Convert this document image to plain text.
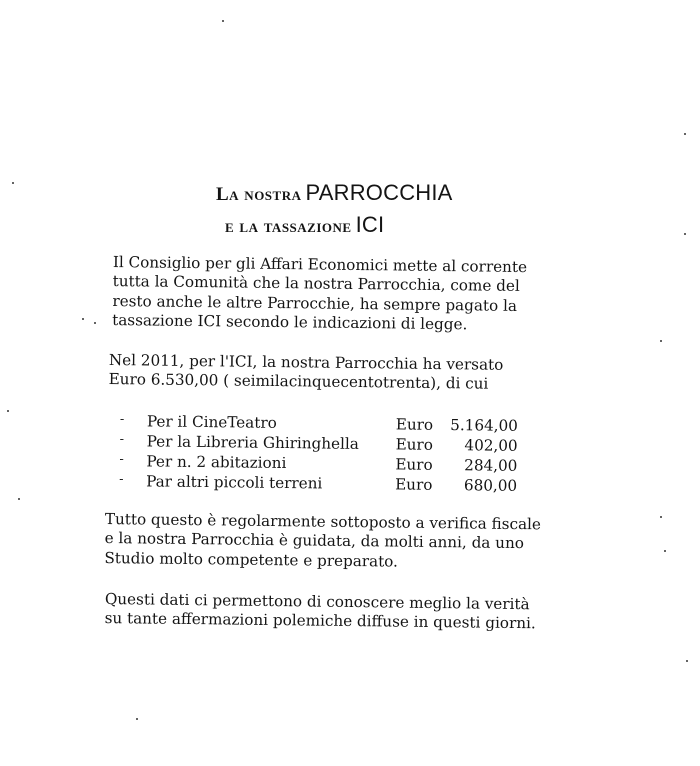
La nostra PARROCCHIA
e la tassazione ICI
Il Consiglio per gli Affari Economici mette al corrente
tutta la Comunità che la nostra Parrocchia, come del
resto anche le altre Parrocchie, ha sempre pagato la
tassazione ICI secondo le indicazioni di legge.
Nel 2011, per l'ICI, la nostra Parrocchia ha versato
Euro 6.530,00 ( seimilacinquecentotrenta), di cui
- Per il CineTeatro	Euro 5.164,00
- Per la Libreria Ghiringhella Euro 402,00
- Per n. 2 abitazioni	Euro 284,00
- Par altri piccoli terreni	Euro 680,00
Tutto questo è regolarmente sottoposto a verifica fiscale
e la nostra Parrocchia è guidata, da molti anni, da uno
Studio molto competente e preparato.
Questi dati ci permettono di conoscere meglio la verità
su tante affermazioni polemiche diffuse in questi giorni.
